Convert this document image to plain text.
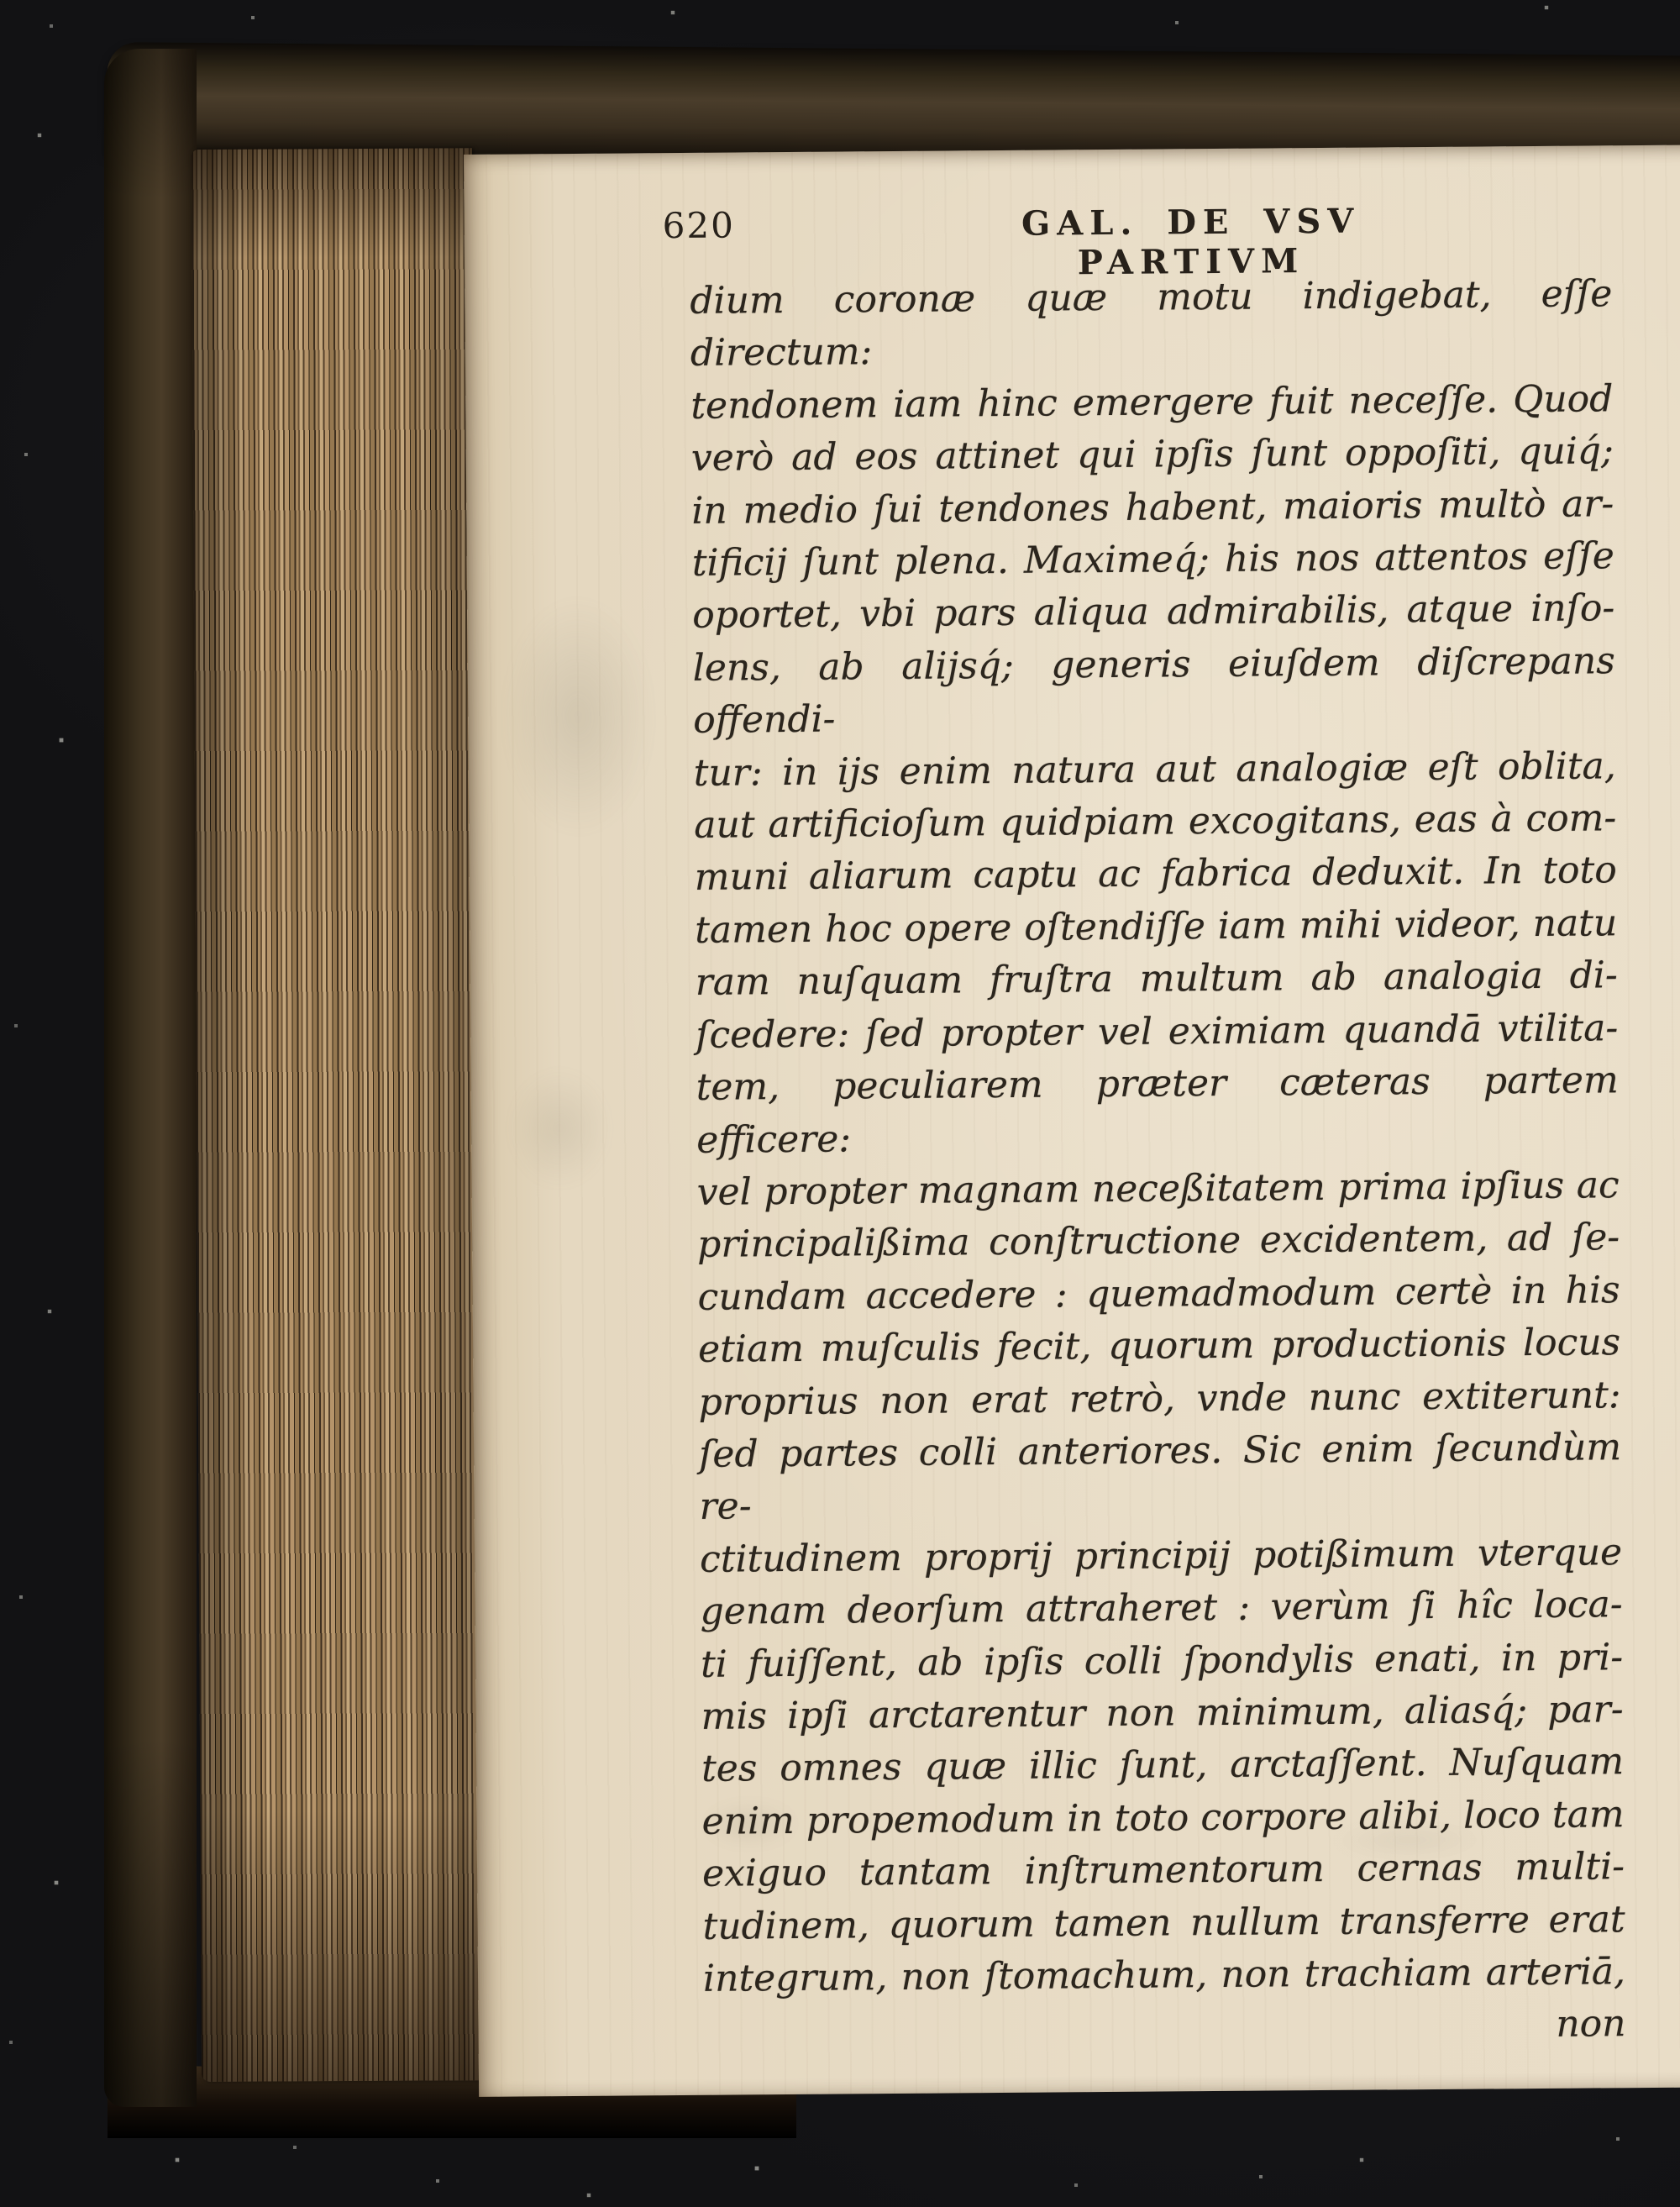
620	GAL. DE VSV PARTIVM
dium coronæ quæ motu indigebat, eſſe directum:
tendonem iam hinc emergere fuit neceſſe. Quod
verò ad eos attinet qui ipſis ſunt oppoſiti, quiq́;
in medio ſui tendones habent, maioris multò ar-
tificij ſunt plena. Maximeq́; his nos attentos eſſe
oportet, vbi pars aliqua admirabilis, atque inſo-
lens, ab alijsq́; generis eiuſdem diſcrepans offendi-
tur: in ijs enim natura aut analogiæ eſt oblita,
aut artificioſum quidpiam excogitans, eas à com-
muni aliarum captu ac fabrica deduxit. In toto
tamen hoc opere oſtendiſſe iam mihi videor, natu
ram nuſquam fruſtra multum ab analogia di-
ſcedere: ſed propter vel eximiam quandā vtilita-
tem, peculiarem præter cæteras partem efficere:
vel propter magnam neceßitatem prima ipſius ac
principalißima conſtructione excidentem, ad ſe-
cundam accedere : quemadmodum certè in his
etiam muſculis fecit, quorum productionis locus
proprius non erat retrò, vnde nunc extiterunt:
ſed partes colli anteriores. Sic enim ſecundùm re-
ctitudinem proprij principij potißimum vterque
genam deorſum attraheret : verùm ſi hîc loca-
ti fuiſſent, ab ipſis colli ſpondylis enati, in pri-
mis ipſi arctarentur non minimum, aliasq́; par-
tes omnes quæ illic ſunt, arctaſſent. Nuſquam
enim propemodum in toto corpore alibi, loco tam
exiguo tantam inſtrumentorum cernas multi-
tudinem, quorum tamen nullum transferre erat
integrum, non ſtomachum, non trachiam arteriā,
non
